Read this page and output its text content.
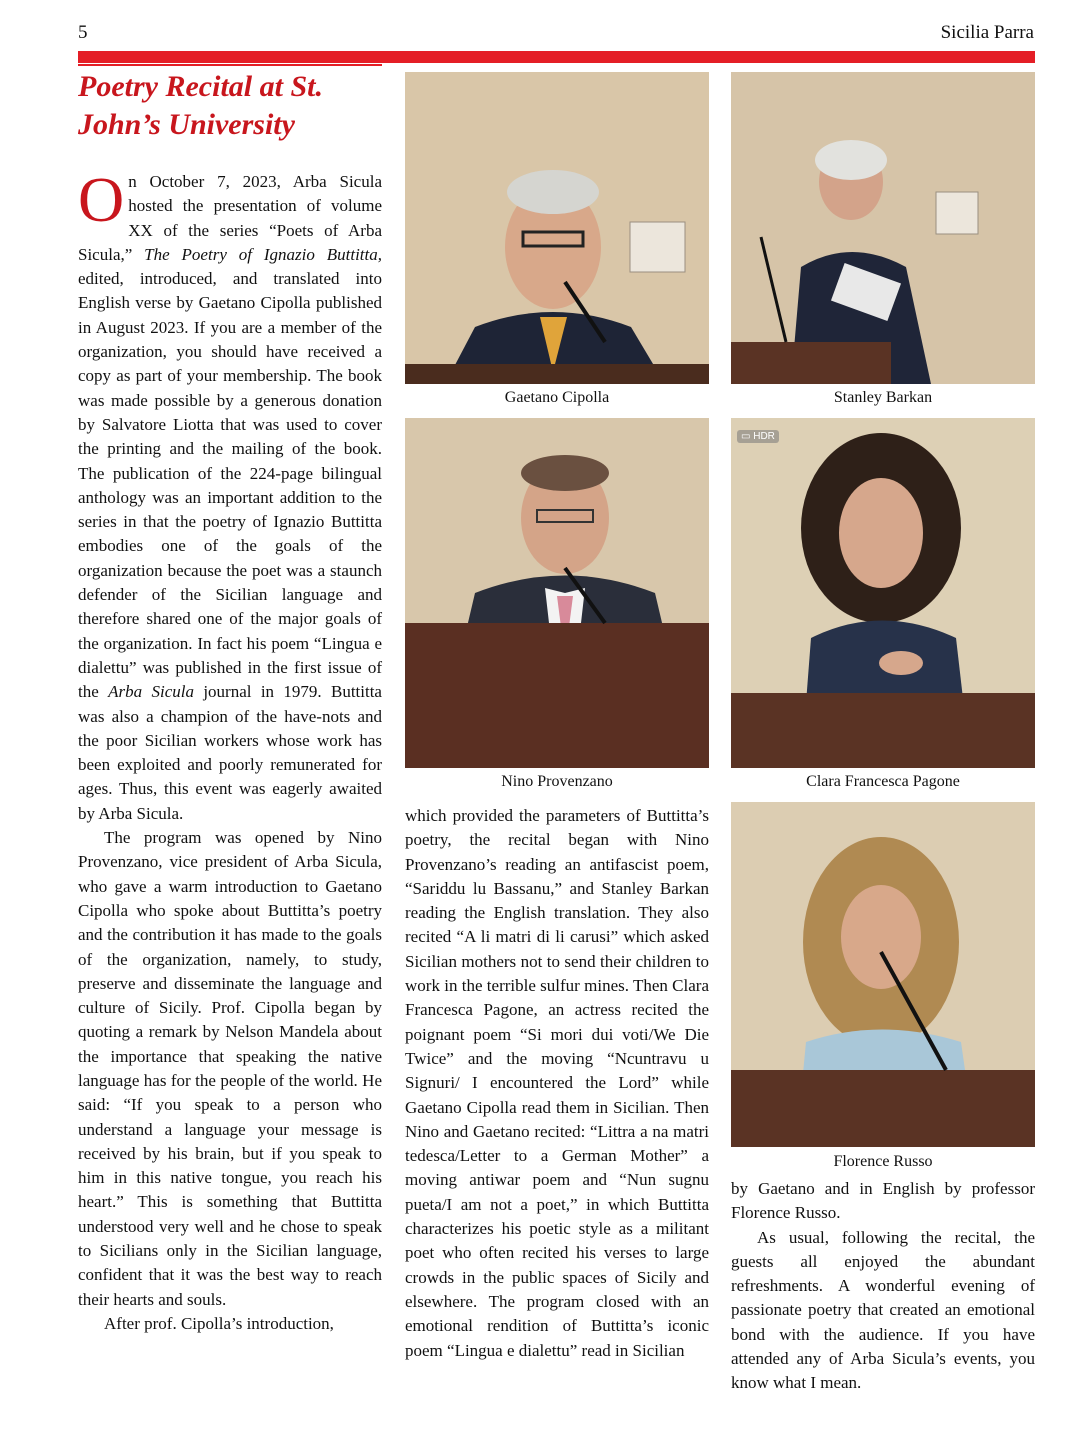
5	Sicilia Parra
Poetry Recital at St. John’s University

On October 7, 2023, Arba Sicula hosted the presentation of volume XX of the series “Poets of Arba Sicula,” The Poetry of Ignazio Buttitta, edited, introduced, and translated into English verse by Gaetano Cipolla published in August 2023. If you are a member of the organization, you should have received a copy as part of your membership. The book was made possible by a generous donation by Salvatore Liotta that was used to cover the printing and the mailing of the book. The publication of the 224-page bilingual anthology was an important addition to the series in that the poetry of Ignazio Buttitta embodies one of the goals of the organization because the poet was a staunch defender of the Sicilian language and therefore shared one of the major goals of the organization. In fact his poem “Lingua e dialettu” was published in the first issue of the Arba Sicula journal in 1979. Buttitta was also a champion of the have-nots and the poor Sicilian workers whose work has been exploited and poorly remunerated for ages. Thus, this event was eagerly awaited by Arba Sicula.

The program was opened by Nino Provenzano, vice president of Arba Sicula, who gave a warm introduction to Gaetano Cipolla who spoke about Buttitta’s poetry and the contribution it has made to the goals of the organization, namely, to study, preserve and disseminate the language and culture of Sicily. Prof. Cipolla began by quoting a remark by Nelson Mandela about the importance that speaking the native language has for the people of the world. He said: “If you speak to a person who understand a language your message is received by his brain, but if you speak to him in this native tongue, you reach his heart.” This is something that Buttitta understood very well and he chose to speak to Sicilians only in the Sicilian language, confident that it was the best way to reach their hearts and souls.

After prof. Cipolla’s introduction,

Gaetano Cipolla	Stanley Barkan
Nino Provenzano
▭ HDR
Clara Francesca Pagone

which provided the parameters of Buttitta’s poetry, the recital began with Nino Provenzano’s reading an antifascist poem, “Sariddu lu Bassanu,” and Stanley Barkan reading the English translation. They also recited “A li matri di li carusi” which asked Sicilian mothers not to send their children to work in the terrible sulfur mines. Then Clara Francesca Pagone, an actress recited the poignant poem “Si mori dui voti/We Die Twice” and the moving “Ncuntravu u Signuri/ I encountered the Lord” while Gaetano Cipolla read them in Sicilian. Then Nino and Gaetano recited: “Littra a na matri tedesca/Letter to a German Mother” a moving antiwar poem and “Nun sugnu pueta/I am not a poet,” in which Buttitta characterizes his poetic style as a militant poet who often recited his verses to large crowds in the public spaces of Sicily and elsewhere. The program closed with an emotional rendition of Buttitta’s iconic poem “Lingua e dialettu” read in Sicilian

Florence Russo

by Gaetano and in English by professor Florence Russo.

As usual, following the recital, the guests all enjoyed the abundant refreshments. A wonderful evening of passionate poetry that created an emotional bond with the audience. If you have attended any of Arba Sicula’s events, you know what I mean.
